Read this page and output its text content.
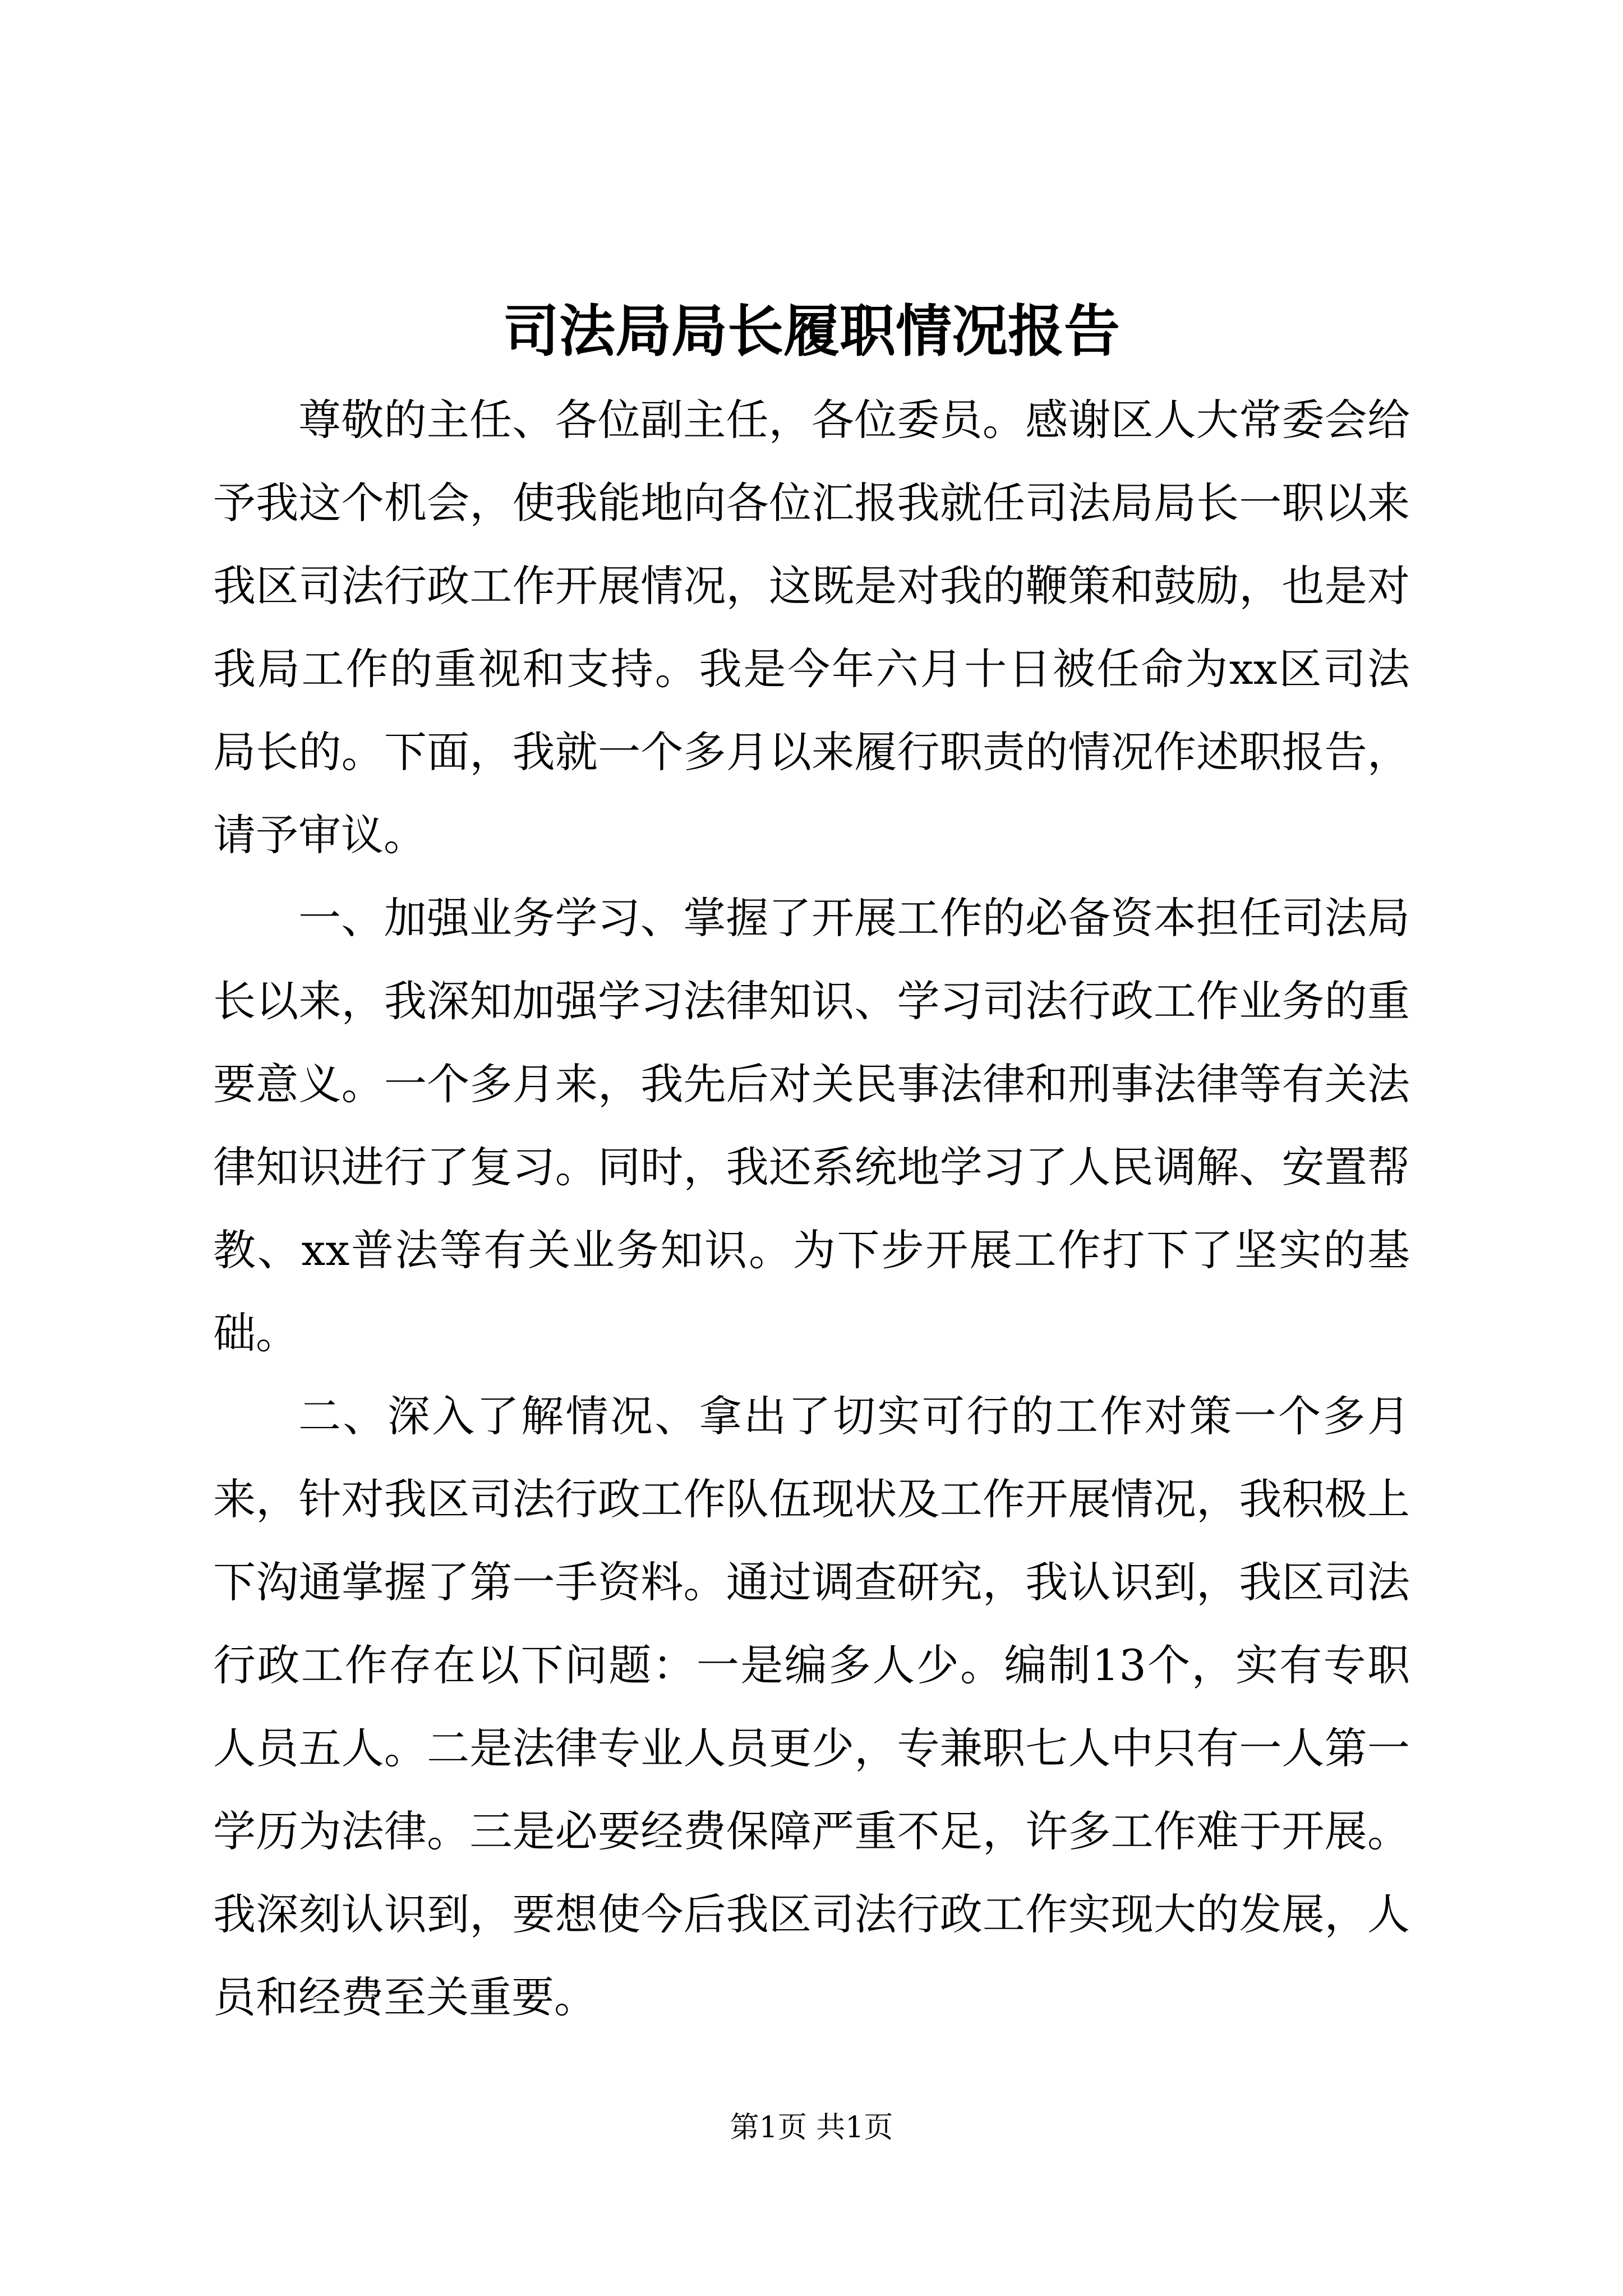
司法局局长履职情况报告

尊敬的主任、各位副主任，各位委员。感谢区人大常委会给予我这个机会，使我能地向各位汇报我就任司法局局长一职以来我区司法行政工作开展情况，这既是对我的鞭策和鼓励，也是对我局工作的重视和支持。我是今年六月十日被任命为xx区司法局长的。下面，我就一个多月以来履行职责的情况作述职报告，请予审议。

一、加强业务学习、掌握了开展工作的必备资本担任司法局长以来，我深知加强学习法律知识、学习司法行政工作业务的重要意义。一个多月来，我先后对关民事法律和刑事法律等有关法律知识进行了复习。同时，我还系统地学习了人民调解、安置帮教、xx普法等有关业务知识。为下步开展工作打下了坚实的基础。

二、深入了解情况、拿出了切实可行的工作对策一个多月来，针对我区司法行政工作队伍现状及工作开展情况，我积极上下沟通掌握了第一手资料。通过调查研究，我认识到，我区司法行政工作存在以下问题：一是编多人少。编制13个，实有专职人员五人。二是法律专业人员更少，专兼职七人中只有一人第一学历为法律。三是必要经费保障严重不足，许多工作难于开展。我深刻认识到，要想使今后我区司法行政工作实现大的发展，人员和经费至关重要。

第1页 共1页
